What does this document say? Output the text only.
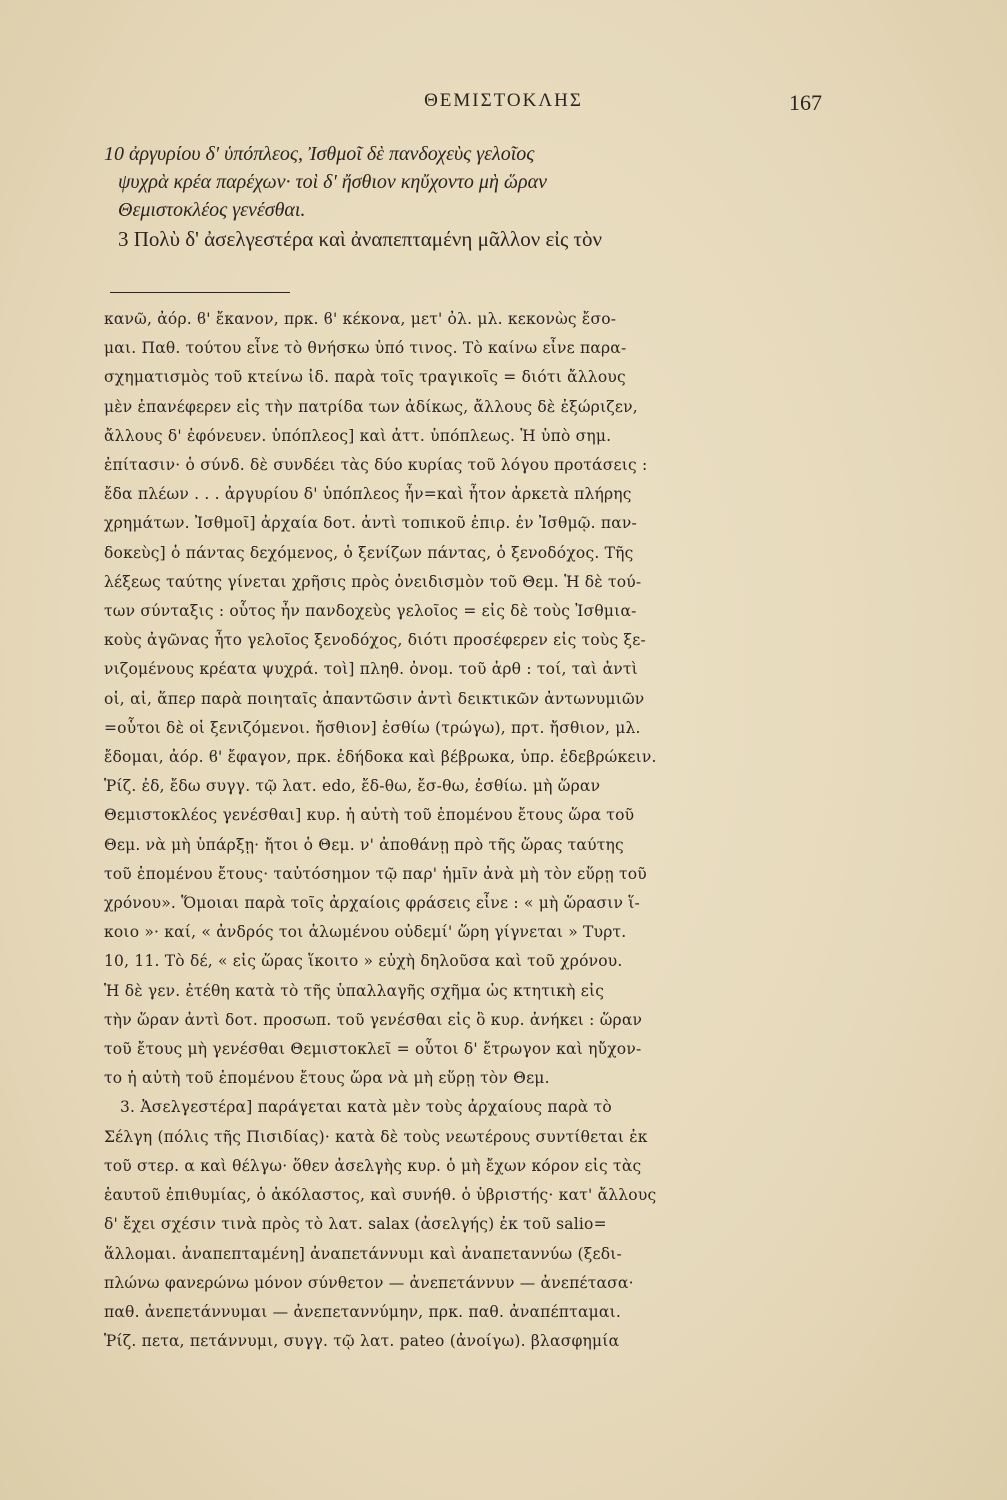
ΘΕΜΙΣΤΟΚΛΗΣ	167
10 ἀργυρίου δ' ὑπόπλεος, Ἰσθμοῖ δὲ πανδοχεὺς γελοῖος
ψυχρὰ κρέα παρέχων· τοὶ δ' ἤσθιον κηὔχοντο μὴ ὥραν
Θεμιστοκλέος γενέσθαι.
3 Πολὺ δ' ἀσελγεστέρα καὶ ἀναπεπταμένη μᾶλλον εἰς τὸν
κανῶ, ἀόρ. ϐ' ἔκανον, πρκ. ϐ' κέκονα, μετ' ὀλ. μλ. κεκονὼς ἔσο-
μαι. Παθ. τούτου εἶνε τὸ θνήσκω ὑπό τινος. Τὸ καίνω εἶνε παρα-
σχηματισμὸς τοῦ κτείνω ἰδ. παρὰ τοῖς τραγικοῖς = διότι ἄλλους
μὲν ἐπανέφερεν εἰς τὴν πατρίδα των ἀδίκως, ἄλλους δὲ ἐξώριζεν,
ἄλλους δ' ἐφόνευεν. ὑπόπλεος] καὶ ἀττ. ὑπόπλεως. Ἡ ὑπὸ σημ.
ἐπίτασιν· ὁ σύνδ. δὲ συνδέει τὰς δύο κυρίας τοῦ λόγου προτάσεις :
ἔδα πλέων . . . ἀργυρίου δ' ὑπόπλεος ἦν=καὶ ἦτον ἀρκετὰ πλήρης
χρημάτων. Ἰσθμοῖ] ἀρχαία δοτ. ἀντὶ τοπικοῦ ἐπιρ. ἐν Ἰσθμῷ. παν-
δοκεὺς] ὁ πάντας δεχόμενος, ὁ ξενίζων πάντας, ὁ ξενοδόχος. Τῆς
λέξεως ταύτης γίνεται χρῆσις πρὸς ὀνειδισμὸν τοῦ Θεμ. Ἡ δὲ τού-
των σύνταξις : οὗτος ἦν πανδοχεὺς γελοῖος = εἰς δὲ τοὺς Ἰσθμια-
κοὺς ἀγῶνας ἦτο γελοῖος ξενοδόχος, διότι προσέφερεν εἰς τοὺς ξε-
νιζομένους κρέατα ψυχρά. τοὶ] πληθ. ὀνομ. τοῦ ἀρθ : τοί, ταὶ ἀντὶ
οἱ, αἱ, ἅπερ παρὰ ποιηταῖς ἀπαντῶσιν ἀντὶ δεικτικῶν ἀντωνυμιῶν
=οὗτοι δὲ οἱ ξενιζόμενοι. ἤσθιον] ἐσθίω (τρώγω), πρτ. ἤσθιον, μλ.
ἔδομαι, ἀόρ. ϐ' ἔφαγον, πρκ. ἐδήδοκα καὶ βέβρωκα, ὑπρ. ἐδεβρώκειν.
Ῥίζ. ἐδ, ἔδω συγγ. τῷ λατ. edo, ἔδ-θω, ἔσ-θω, ἐσθίω. μὴ ὥραν
Θεμιστοκλέος γενέσθαι] κυρ. ἡ αὐτὴ τοῦ ἑπομένου ἔτους ὥρα τοῦ
Θεμ. νὰ μὴ ὑπάρξῃ· ἤτοι ὁ Θεμ. ν' ἀποθάνῃ πρὸ τῆς ὥρας ταύτης
τοῦ ἑπομένου ἔτους· ταὐτόσημον τῷ παρ' ἡμῖν ἀνὰ μὴ τὸν εὕρῃ τοῦ
χρόνου». Ὅμοιαι παρὰ τοῖς ἀρχαίοις φράσεις εἶνε : « μὴ ὥρασιν ἵ-
κοιο »· καί, « ἀνδρός τοι ἀλωμένου οὐδεμί' ὥρη γίγνεται » Τυρτ.
10, 11. Τὸ δέ, « εἰς ὥρας ἵκοιτο » εὐχὴ δηλοῦσα καὶ τοῦ χρόνου.
Ἡ δὲ γεν. ἐτέθη κατὰ τὸ τῆς ὑπαλλαγῆς σχῆμα ὡς κτητικὴ εἰς
τὴν ὥραν ἀντὶ δοτ. προσωπ. τοῦ γενέσθαι εἰς ὃ κυρ. ἀνήκει : ὥραν
τοῦ ἔτους μὴ γενέσθαι Θεμιστοκλεῖ = οὗτοι δ' ἔτρωγον καὶ ηὔχον-
το ἡ αὐτὴ τοῦ ἑπομένου ἔτους ὥρα νὰ μὴ εὕρῃ τὸν Θεμ.
3. Ἀσελγεστέρα] παράγεται κατὰ μὲν τοὺς ἀρχαίους παρὰ τὸ
Σέλγη (πόλις τῆς Πισιδίας)· κατὰ δὲ τοὺς νεωτέρους συντίθεται ἐκ
τοῦ στερ. α καὶ θέλγω· ὅθεν ἀσελγὴς κυρ. ὁ μὴ ἔχων κόρον εἰς τὰς
ἑαυτοῦ ἐπιθυμίας, ὁ ἀκόλαστος, καὶ συνήθ. ὁ ὑβριστής· κατ' ἄλλους
δ' ἔχει σχέσιν τινὰ πρὸς τὸ λατ. salax (ἀσελγής) ἐκ τοῦ salio=
ἅλλομαι. ἀναπεπταμένη] ἀναπετάννυμι καὶ ἀναπεταννύω (ξεδι-
πλώνω φανερώνω μόνον σύνθετον — ἀνεπετάννυν — ἀνεπέτασα·
παθ. ἀνεπετάννυμαι — ἀνεπεταννύμην, πρκ. παθ. ἀναπέπταμαι.
Ῥίζ. πετα, πετάννυμι, συγγ. τῷ λατ. pateo (ἀνοίγω). βλασφημία
